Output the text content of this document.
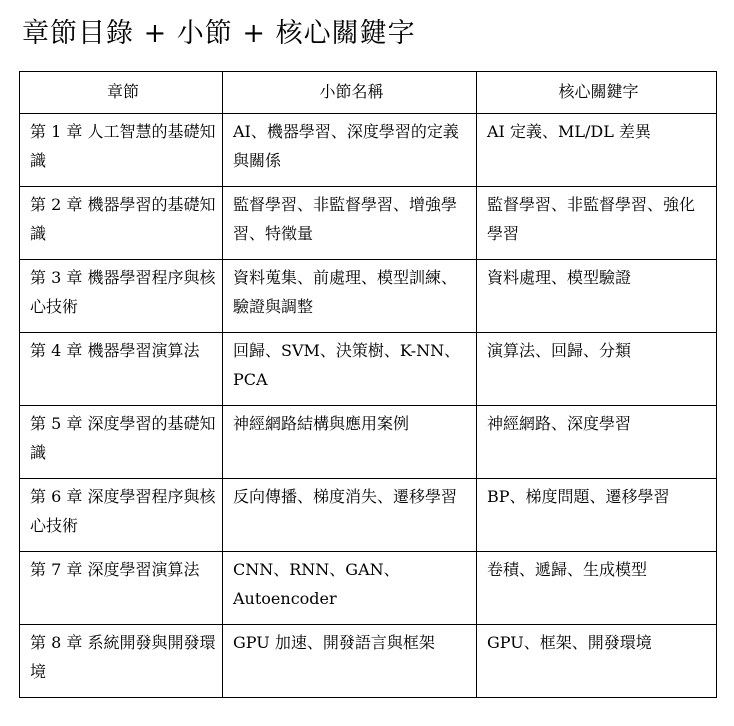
章節目錄 + 小節 + 核心關鍵字
章節	小節名稱	核心關鍵字
第 1 章 人工智慧的基礎知識	AI、機器學習、深度學習的定義與關係	AI 定義、ML/DL 差異
第 2 章 機器學習的基礎知識	監督學習、非監督學習、增強學習、特徵量	監督學習、非監督學習、強化學習
第 3 章 機器學習程序與核心技術	資料蒐集、前處理、模型訓練、驗證與調整	資料處理、模型驗證
第 4 章 機器學習演算法	回歸、SVM、決策樹、K-NN、PCA	演算法、回歸、分類
第 5 章 深度學習的基礎知識	神經網路結構與應用案例	神經網路、深度學習
第 6 章 深度學習程序與核心技術	反向傳播、梯度消失、遷移學習	BP、梯度問題、遷移學習
第 7 章 深度學習演算法	CNN、RNN、GAN、Autoencoder	卷積、遞歸、生成模型
第 8 章 系統開發與開發環境	GPU 加速、開發語言與框架	GPU、框架、開發環境
